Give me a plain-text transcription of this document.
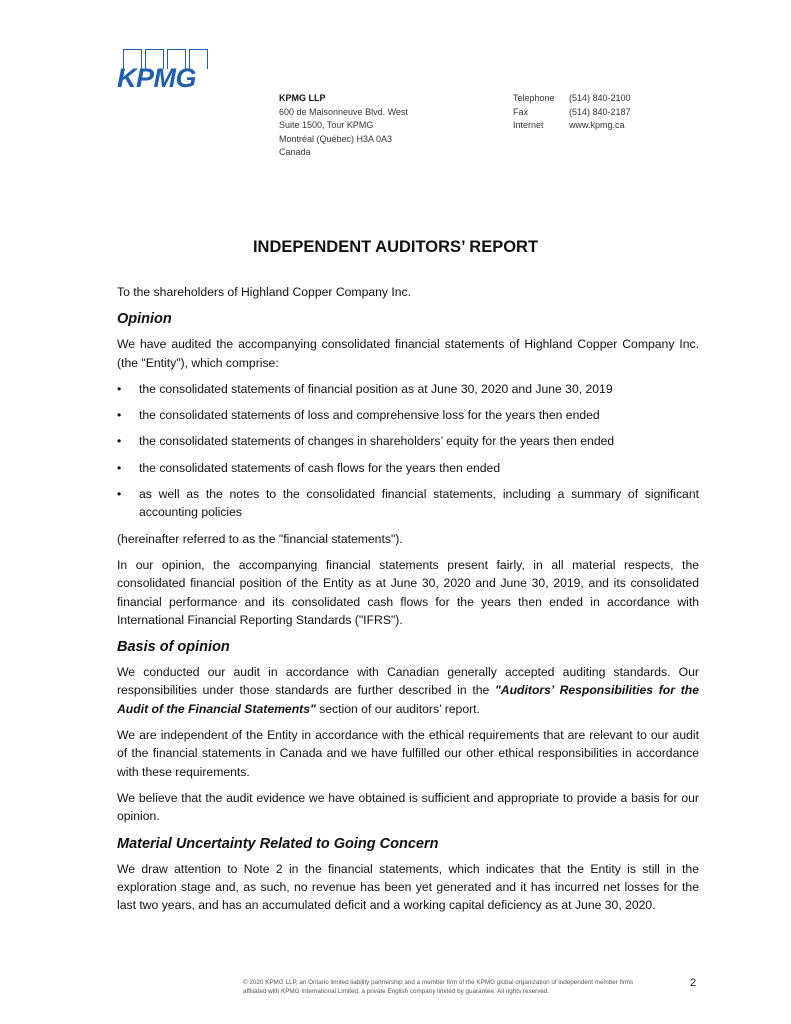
KPMG
KPMG LLP
600 de Maisonneuve Blvd. West
Suite 1500, Tour KPMG
Montréal (Québec) H3A 0A3
Canada
Telephone	(514) 840-2100
Fax	(514) 840-2187
Internet	www.kpmg.ca
INDEPENDENT AUDITORS’ REPORT

To the shareholders of Highland Copper Company Inc.

Opinion

We have audited the accompanying consolidated financial statements of Highland Copper Company Inc. (the "Entity"), which comprise:

• the consolidated statements of financial position as at June 30, 2020 and June 30, 2019
• the consolidated statements of loss and comprehensive loss for the years then ended
• the consolidated statements of changes in shareholders’ equity for the years then ended
• the consolidated statements of cash flows for the years then ended
• as well as the notes to the consolidated financial statements, including a summary of significant accounting policies

(hereinafter referred to as the "financial statements").

In our opinion, the accompanying financial statements present fairly, in all material respects, the consolidated financial position of the Entity as at June 30, 2020 and June 30, 2019, and its consolidated financial performance and its consolidated cash flows for the years then ended in accordance with International Financial Reporting Standards ("IFRS").

Basis of opinion

We conducted our audit in accordance with Canadian generally accepted auditing standards. Our responsibilities under those standards are further described in the "Auditors’ Responsibilities for the Audit of the Financial Statements" section of our auditors’ report.

We are independent of the Entity in accordance with the ethical requirements that are relevant to our audit of the financial statements in Canada and we have fulfilled our other ethical responsibilities in accordance with these requirements.

We believe that the audit evidence we have obtained is sufficient and appropriate to provide a basis for our opinion.

Material Uncertainty Related to Going Concern

We draw attention to Note 2 in the financial statements, which indicates that the Entity is still in the exploration stage and, as such, no revenue has been yet generated and it has incurred net losses for the last two years, and has an accumulated deficit and a working capital deficiency as at June 30, 2020.

© 2020 KPMG LLP, an Ontario limited liability partnership and a member firm of the KPMG global organization of independent member firms
affiliated with KPMG International Limited, a private English company limited by guarantee. All rights reserved.
2
